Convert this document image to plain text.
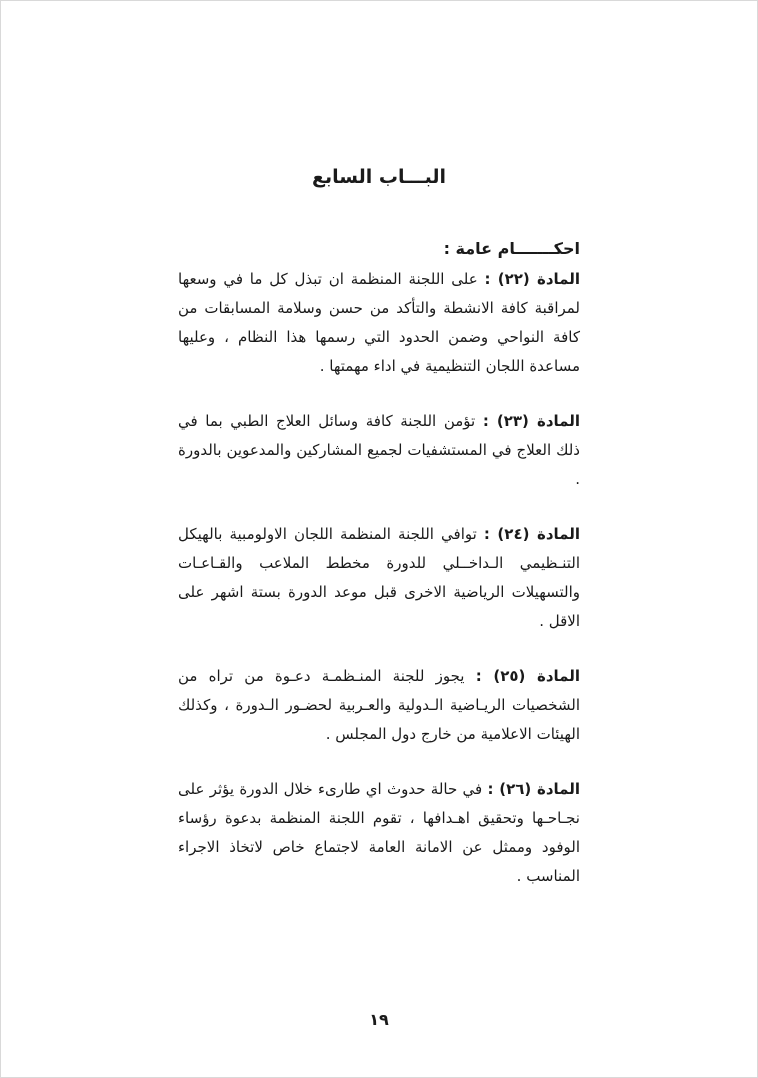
البـــاب السابع

احكـــــــام عامة :

المادة (٢٢) : على اللجنة المنظمة ان تبذل كل ما في وسعها لمراقبة كافة الانشطة والتأكد من حسن وسلامة المسابقات من كافة النواحي وضمن الحدود التي رسمها هذا النظام ، وعليها مساعدة اللجان التنظيمية في اداء مهمتها .

المادة (٢٣) : تؤمن اللجنة كافة وسائل العلاج الطبي بما في ذلك العلاج في المستشفيات لجميع المشاركين والمدعوين بالدورة .

المادة (٢٤) : توافي اللجنة المنظمة اللجان الاولومبية بالهيكل التنـظيمي الـداخــلي للدورة مخطط الملاعب والقـاعـات والتسهيلات الرياضية الاخرى قبل موعد الدورة بستة اشهر على الاقل .

المادة (٢٥) : يجوز للجنة المنـظمـة دعـوة من تراه من الشخصيات الريـاضية الـدولية والعـربية لحضـور الـدورة ، وكذلك الهيئات الاعلامية من خارج دول المجلس .

المادة (٢٦) : في حالة حدوث اي طارىء خلال الدورة يؤثر على نجـاحـها وتحقيق اهـدافها ، تقوم اللجنة المنظمة بدعوة رؤساء الوفود وممثل عن الامانة العامة لاجتماع خاص لاتخاذ الاجراء المناسب .

١٩
